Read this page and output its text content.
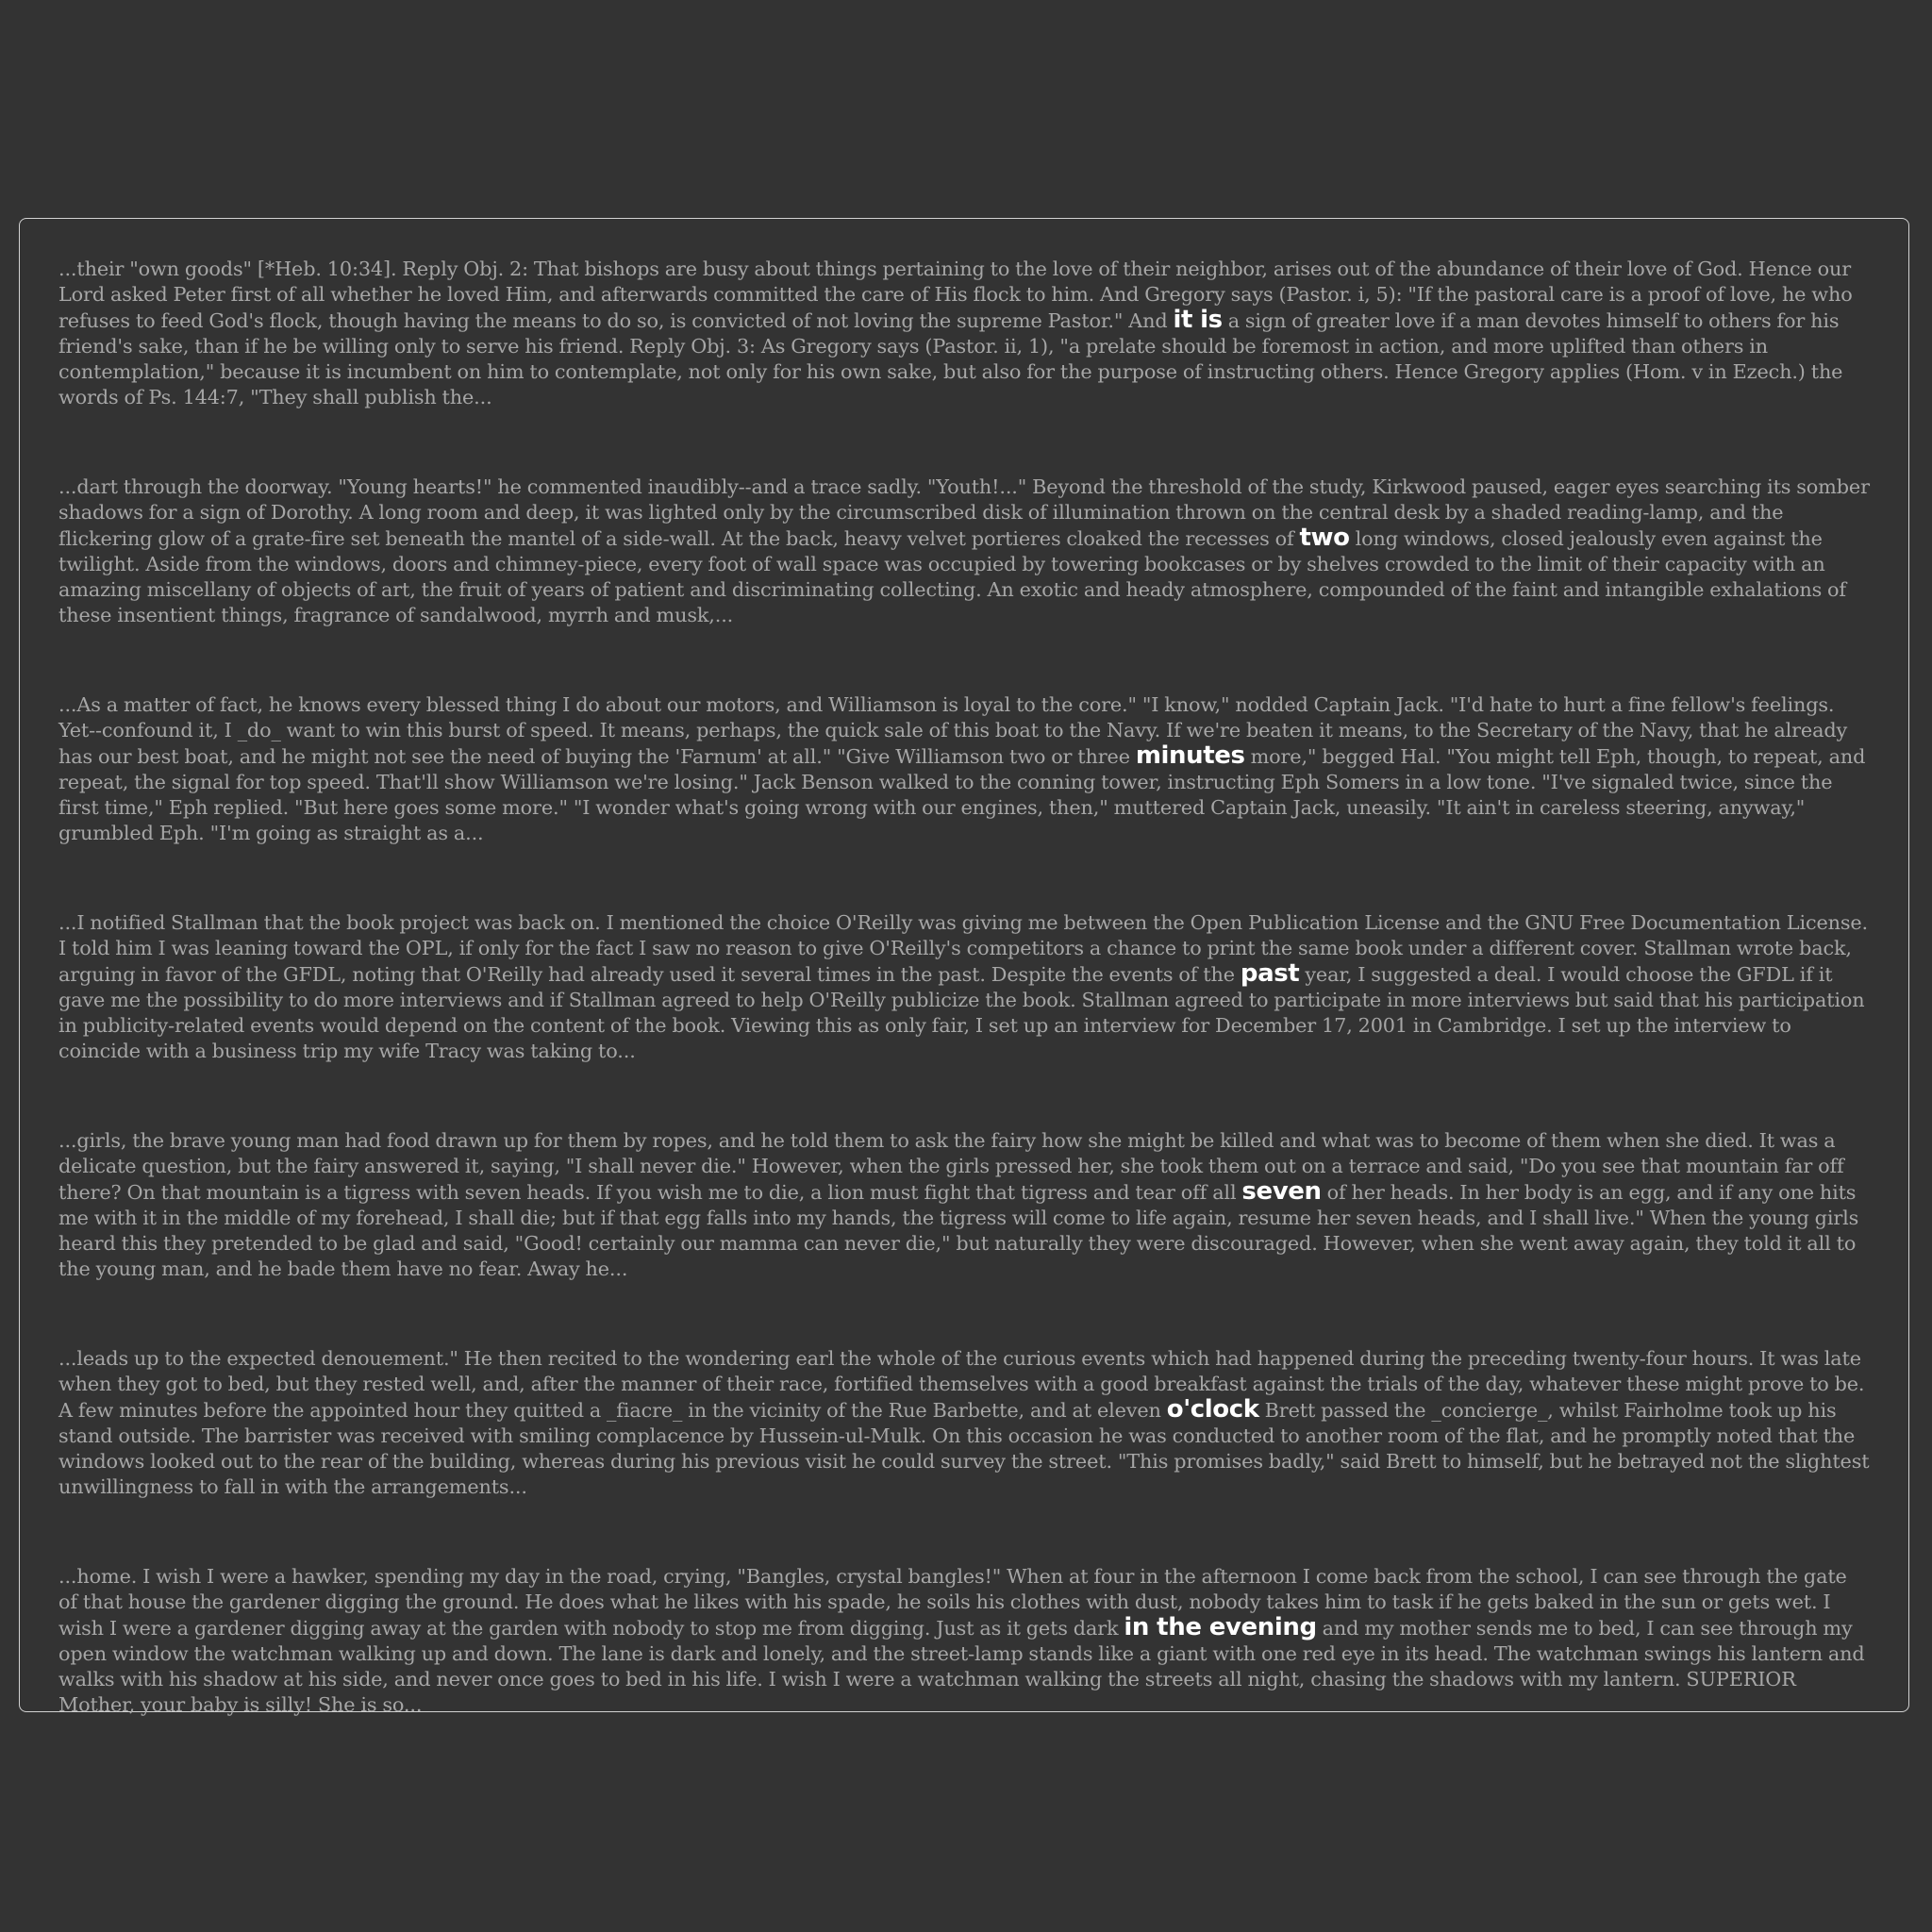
...their "own goods" [*Heb. 10:34]. Reply Obj. 2: That bishops are busy about things pertaining to the love of their neighbor, arises out of the abundance of their love of God. Hence our Lord asked Peter first of all whether he loved Him, and afterwards committed the care of His flock to him. And Gregory says (Pastor. i, 5): "If the pastoral care is a proof of love, he who refuses to feed God's flock, though having the means to do so, is convicted of not loving the supreme Pastor." And it is a sign of greater love if a man devotes himself to others for his friend's sake, than if he be willing only to serve his friend. Reply Obj. 3: As Gregory says (Pastor. ii, 1), "a prelate should be foremost in action, and more uplifted than others in contemplation," because it is incumbent on him to contemplate, not only for his own sake, but also for the purpose of instructing others. Hence Gregory applies (Hom. v in Ezech.) the words of Ps. 144:7, "They shall publish the...

...dart through the doorway. "Young hearts!" he commented inaudibly--and a trace sadly. "Youth!..." Beyond the threshold of the study, Kirkwood paused, eager eyes searching its somber shadows for a sign of Dorothy. A long room and deep, it was lighted only by the circumscribed disk of illumination thrown on the central desk by a shaded reading-lamp, and the flickering glow of a grate-fire set beneath the mantel of a side-wall. At the back, heavy velvet portieres cloaked the recesses of two long windows, closed jealously even against the twilight. Aside from the windows, doors and chimney-piece, every foot of wall space was occupied by towering bookcases or by shelves crowded to the limit of their capacity with an amazing miscellany of objects of art, the fruit of years of patient and discriminating collecting. An exotic and heady atmosphere, compounded of the faint and intangible exhalations of these insentient things, fragrance of sandalwood, myrrh and musk,...

...As a matter of fact, he knows every blessed thing I do about our motors, and Williamson is loyal to the core." "I know," nodded Captain Jack. "I'd hate to hurt a fine fellow's feelings. Yet--confound it, I _do_ want to win this burst of speed. It means, perhaps, the quick sale of this boat to the Navy. If we're beaten it means, to the Secretary of the Navy, that he already has our best boat, and he might not see the need of buying the 'Farnum' at all." "Give Williamson two or three minutes more," begged Hal. "You might tell Eph, though, to repeat, and repeat, the signal for top speed. That'll show Williamson we're losing." Jack Benson walked to the conning tower, instructing Eph Somers in a low tone. "I've signaled twice, since the first time," Eph replied. "But here goes some more." "I wonder what's going wrong with our engines, then," muttered Captain Jack, uneasily. "It ain't in careless steering, anyway," grumbled Eph. "I'm going as straight as a...

...I notified Stallman that the book project was back on. I mentioned the choice O'Reilly was giving me between the Open Publication License and the GNU Free Documentation License. I told him I was leaning toward the OPL, if only for the fact I saw no reason to give O'Reilly's competitors a chance to print the same book under a different cover. Stallman wrote back, arguing in favor of the GFDL, noting that O'Reilly had already used it several times in the past. Despite the events of the past year, I suggested a deal. I would choose the GFDL if it gave me the possibility to do more interviews and if Stallman agreed to help O'Reilly publicize the book. Stallman agreed to participate in more interviews but said that his participation in publicity-related events would depend on the content of the book. Viewing this as only fair, I set up an interview for December 17, 2001 in Cambridge. I set up the interview to coincide with a business trip my wife Tracy was taking to...

...girls, the brave young man had food drawn up for them by ropes, and he told them to ask the fairy how she might be killed and what was to become of them when she died. It was a delicate question, but the fairy answered it, saying, "I shall never die." However, when the girls pressed her, she took them out on a terrace and said, "Do you see that mountain far off there? On that mountain is a tigress with seven heads. If you wish me to die, a lion must fight that tigress and tear off all seven of her heads. In her body is an egg, and if any one hits me with it in the middle of my forehead, I shall die; but if that egg falls into my hands, the tigress will come to life again, resume her seven heads, and I shall live." When the young girls heard this they pretended to be glad and said, "Good! certainly our mamma can never die," but naturally they were discouraged. However, when she went away again, they told it all to the young man, and he bade them have no fear. Away he...

...leads up to the expected denouement." He then recited to the wondering earl the whole of the curious events which had happened during the preceding twenty-four hours. It was late when they got to bed, but they rested well, and, after the manner of their race, fortified themselves with a good breakfast against the trials of the day, whatever these might prove to be. A few minutes before the appointed hour they quitted a _fiacre_ in the vicinity of the Rue Barbette, and at eleven o'clock Brett passed the _concierge_, whilst Fairholme took up his stand outside. The barrister was received with smiling complacence by Hussein-ul-Mulk. On this occasion he was conducted to another room of the flat, and he promptly noted that the windows looked out to the rear of the building, whereas during his previous visit he could survey the street. "This promises badly," said Brett to himself, but he betrayed not the slightest unwillingness to fall in with the arrangements...

...home. I wish I were a hawker, spending my day in the road, crying, "Bangles, crystal bangles!" When at four in the afternoon I come back from the school, I can see through the gate of that house the gardener digging the ground. He does what he likes with his spade, he soils his clothes with dust, nobody takes him to task if he gets baked in the sun or gets wet. I wish I were a gardener digging away at the garden with nobody to stop me from digging. Just as it gets dark in the evening and my mother sends me to bed, I can see through my open window the watchman walking up and down. The lane is dark and lonely, and the street-lamp stands like a giant with one red eye in its head. The watchman swings his lantern and walks with his shadow at his side, and never once goes to bed in his life. I wish I were a watchman walking the streets all night, chasing the shadows with my lantern. SUPERIOR Mother, your baby is silly! She is so...
